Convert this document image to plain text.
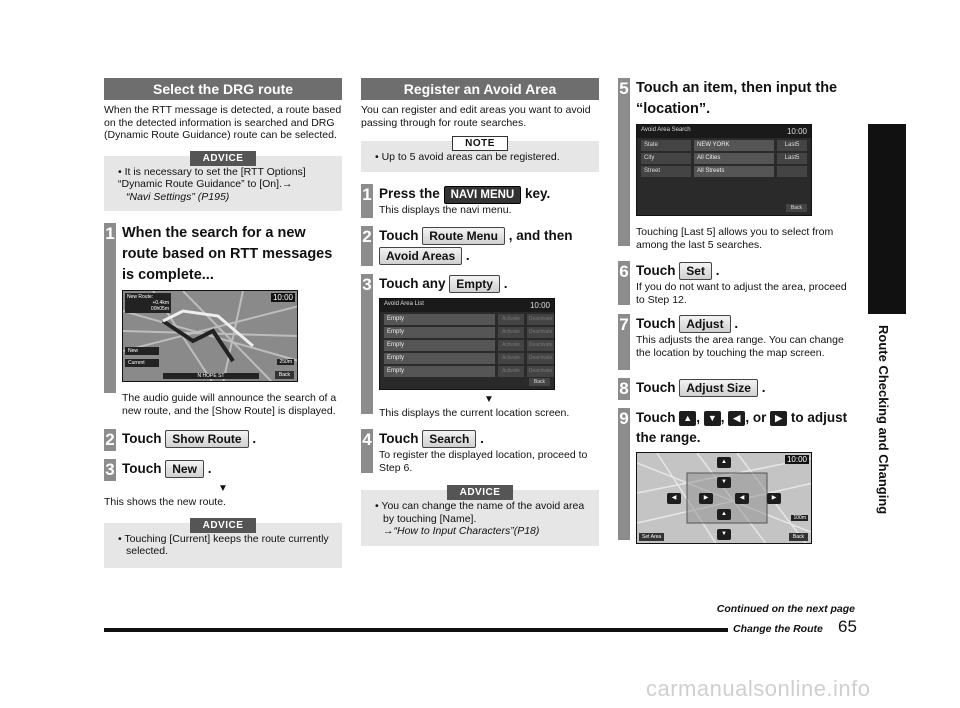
Select the DRG route

When the RTT message is detected, a route based on the detected information is searched and DRG (Dynamic Route Guidance) route can be selected.

ADVICE
• It is necessary to set the [RTT Options] “Dynamic Route Guidance” to [On].→
“Navi Settings” (P195)
1 When the search for a new route based on RTT messages is complete...
New Route:
+0.4km
00h05m
10:00
New
Current	250m
N HOPE ST	Back

The audio guide will announce the search of a new route, and the [Show Route] is displayed.

2 Touch Show Route .
3 Touch New .
▼

This shows the new route.

ADVICE
• Touching [Current] keeps the route currently selected.
Register an Avoid Area

You can register and edit areas you want to avoid passing through for route searches.

NOTE
• Up to 5 avoid areas can be registered.
1 Press the NAVI MENU key.

This displays the navi menu.

2 Touch Route Menu , and then
Avoid Areas .
3 Touch any Empty .
Avoid Area List	10:00
Empty	Activate	Deactivate
Empty	Activate	Deactivate
Empty	Activate	Deactivate
Empty	Activate	Deactivate
Empty	Activate	Deactivate
Back
▼

This displays the current location screen.

4 Touch Search .

To register the displayed location, proceed to Step 6.

ADVICE
• You can change the name of the avoid area by touching [Name].
→“How to Input Characters”(P18)
5 Touch an item, then input the “location”.
Avoid Area Search	10:00
State	NEW YORK	Last5
City	All Cities	Last5
Street	All Streets
Back

Touching [Last 5] allows you to select from among the last 5 searches.

6 Touch Set .

If you do not want to adjust the area, proceed to Step 12.

7 Touch Adjust .

This adjusts the area range. You can change the location by touching the map screen.

8 Touch Adjust Size .
9 Touch ▲ , ▼ , ◀ , or ▶ to adjust the range.
10:00
▲
▼
◀	▶	◀	▶
▲
▼
100m
Set Area	Back
NAVI
Route Checking and Changing
Continued on the next page
Change the Route 65
carmanualsonline.info
